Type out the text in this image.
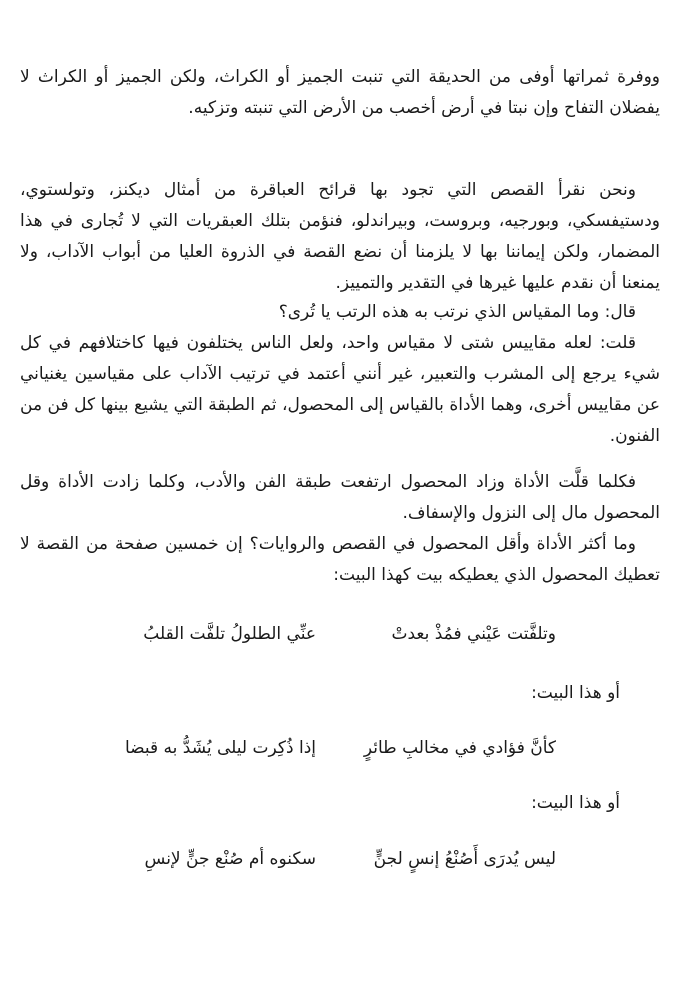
ووفرة ثمراتها أوفى من الحديقة التي تنبت الجميز أو الكراث، ولكن الجميز أو الكراث لا يفضلان التفاح وإن نبتا في أرض أخصب من الأرض التي تنبته وتزكيه.

ونحن نقرأ القصص التي تجود بها قرائح العباقرة من أمثال ديكنز، وتولستوي، ودستيفسكي، وبورجيه، وبروست، وبيراندلو، فنؤمن بتلك العبقريات التي لا تُجارى في هذا المضمار، ولكن إيماننا بها لا يلزمنا أن نضع القصة في الذروة العليا من أبواب الآداب، ولا يمنعنا أن نقدم عليها غيرها في التقدير والتمييز.

قال: وما المقياس الذي نرتب به هذه الرتب يا تُرى؟

قلت: لعله مقاييس شتى لا مقياس واحد، ولعل الناس يختلفون فيها كاختلافهم في كل شيء يرجع إلى المشرب والتعبير، غير أنني أعتمد في ترتيب الآداب على مقياسين يغنياني عن مقاييس أخرى، وهما الأداة بالقياس إلى المحصول، ثم الطبقة التي يشيع بينها كل فن من الفنون.

فكلما قلَّت الأداة وزاد المحصول ارتفعت طبقة الفن والأدب، وكلما زادت الأداة وقل المحصول مال إلى النزول والإسفاف.

وما أكثر الأداة وأقل المحصول في القصص والروايات؟ إن خمسين صفحة من القصة لا تعطيك المحصول الذي يعطيكه بيت كهذا البيت:

وتلفَّتت عَيْني فمُذْ بعدتْ
عنِّي الطلولُ تلفَّت القلبُ
أو هذا البيت:
كأنَّ فؤادي في مخالبِ طائرٍ
إذا ذُكِرت ليلى يُشَدُّ به قبضا
أو هذا البيت:
ليس يُدرَى أَصُنْعُ إنسٍ لجنٍّ
سكنوه أم صُنْع جنٍّ لإنسِ
